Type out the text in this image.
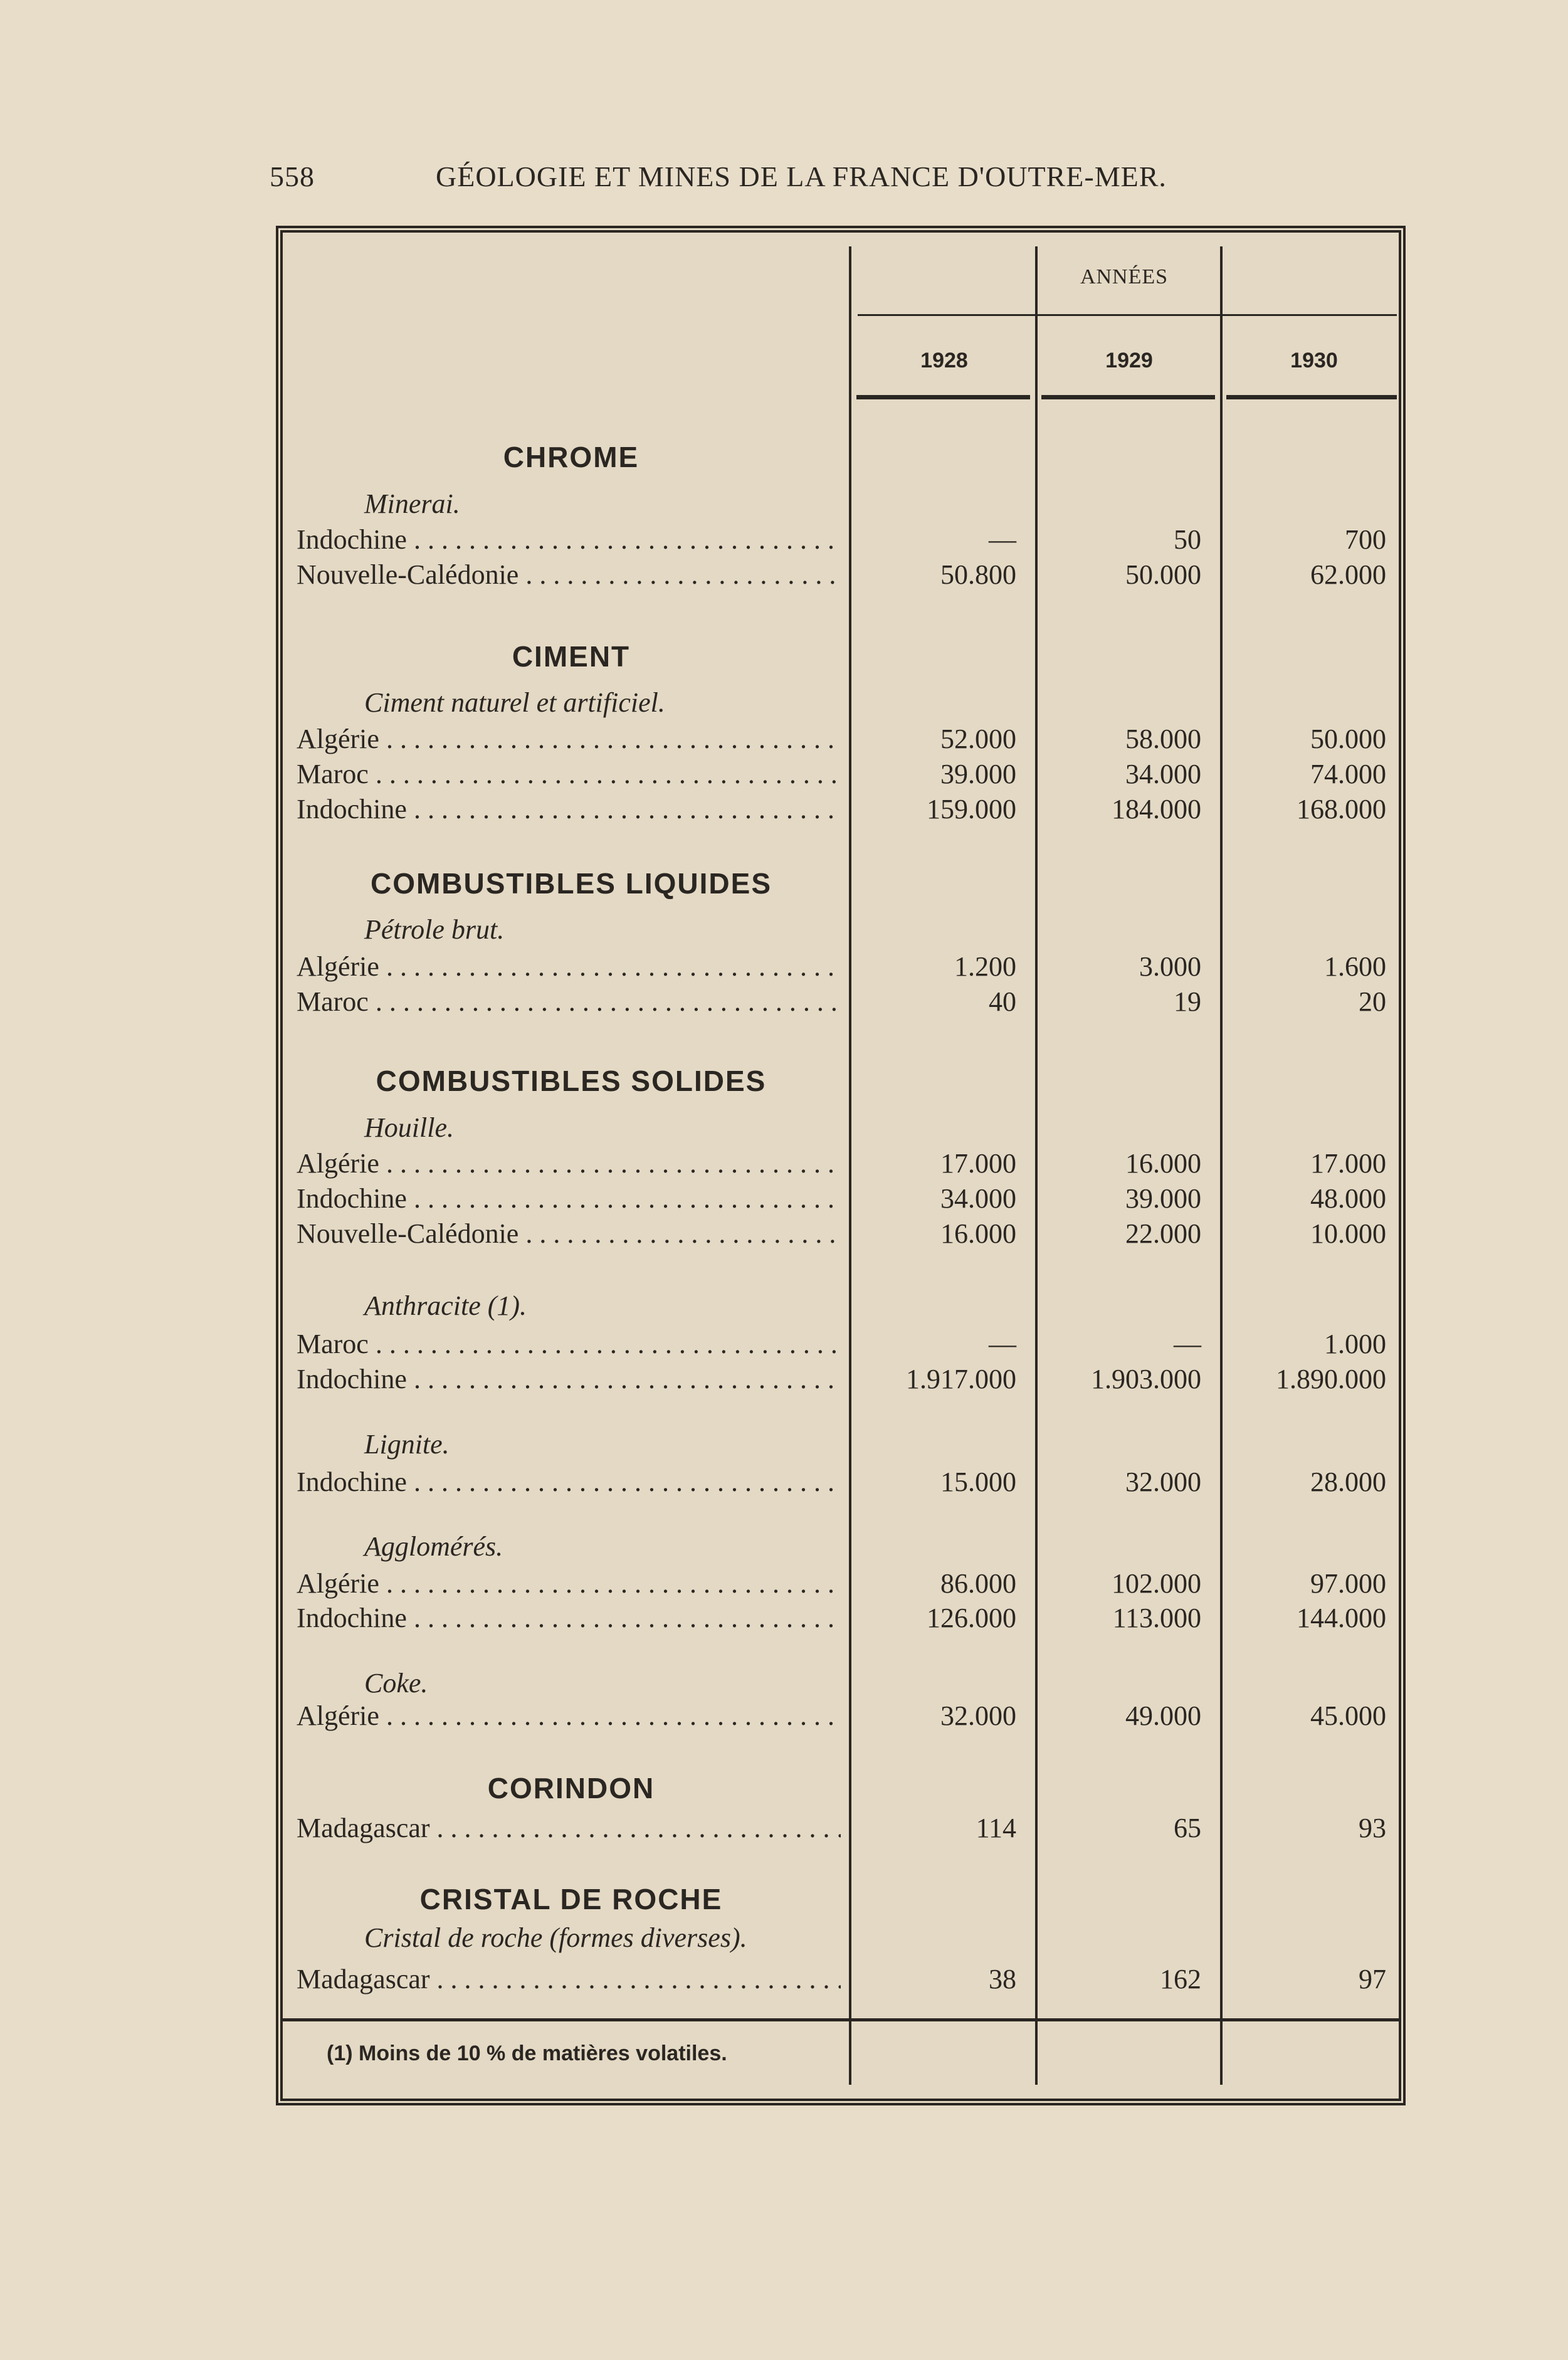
558	GÉOLOGIE ET MINES DE LA FRANCE D'OUTRE-MER.
ANNÉES
1928	1929	1930
CHROME
Minerai.
Indochine . . .	—	50	700
Nouvelle-Calédonie . . .	50.800	50.000	62.000
CIMENT
Ciment naturel et artificiel.
Algérie . . .	52.000	58.000	50.000
Maroc . . .	39.000	34.000	74.000
Indochine . . .	159.000	184.000	168.000
COMBUSTIBLES LIQUIDES
Pétrole brut.
Algérie . . .	1.200	3.000	1.600
Maroc . . .	40	19	20
COMBUSTIBLES SOLIDES
Houille.
Algérie . . .	17.000	16.000	17.000
Indochine . . .	34.000	39.000	48.000
Nouvelle-Calédonie . . .	16.000	22.000	10.000
Anthracite (1).
Maroc . . .	—	—	1.000
Indochine . . .	1.917.000	1.903.000	1.890.000
Lignite.
Indochine . . .	15.000	32.000	28.000
Agglomérés.
Algérie . . .	86.000	102.000	97.000
Indochine . . .	126.000	113.000	144.000
Coke.
Algérie . . .	32.000	49.000	45.000
CORINDON
Madagascar . . .	114	65	93
CRISTAL DE ROCHE
Cristal de roche (formes diverses).
Madagascar . . .	38	162	97
(1) Moins de 10 % de matières volatiles.
